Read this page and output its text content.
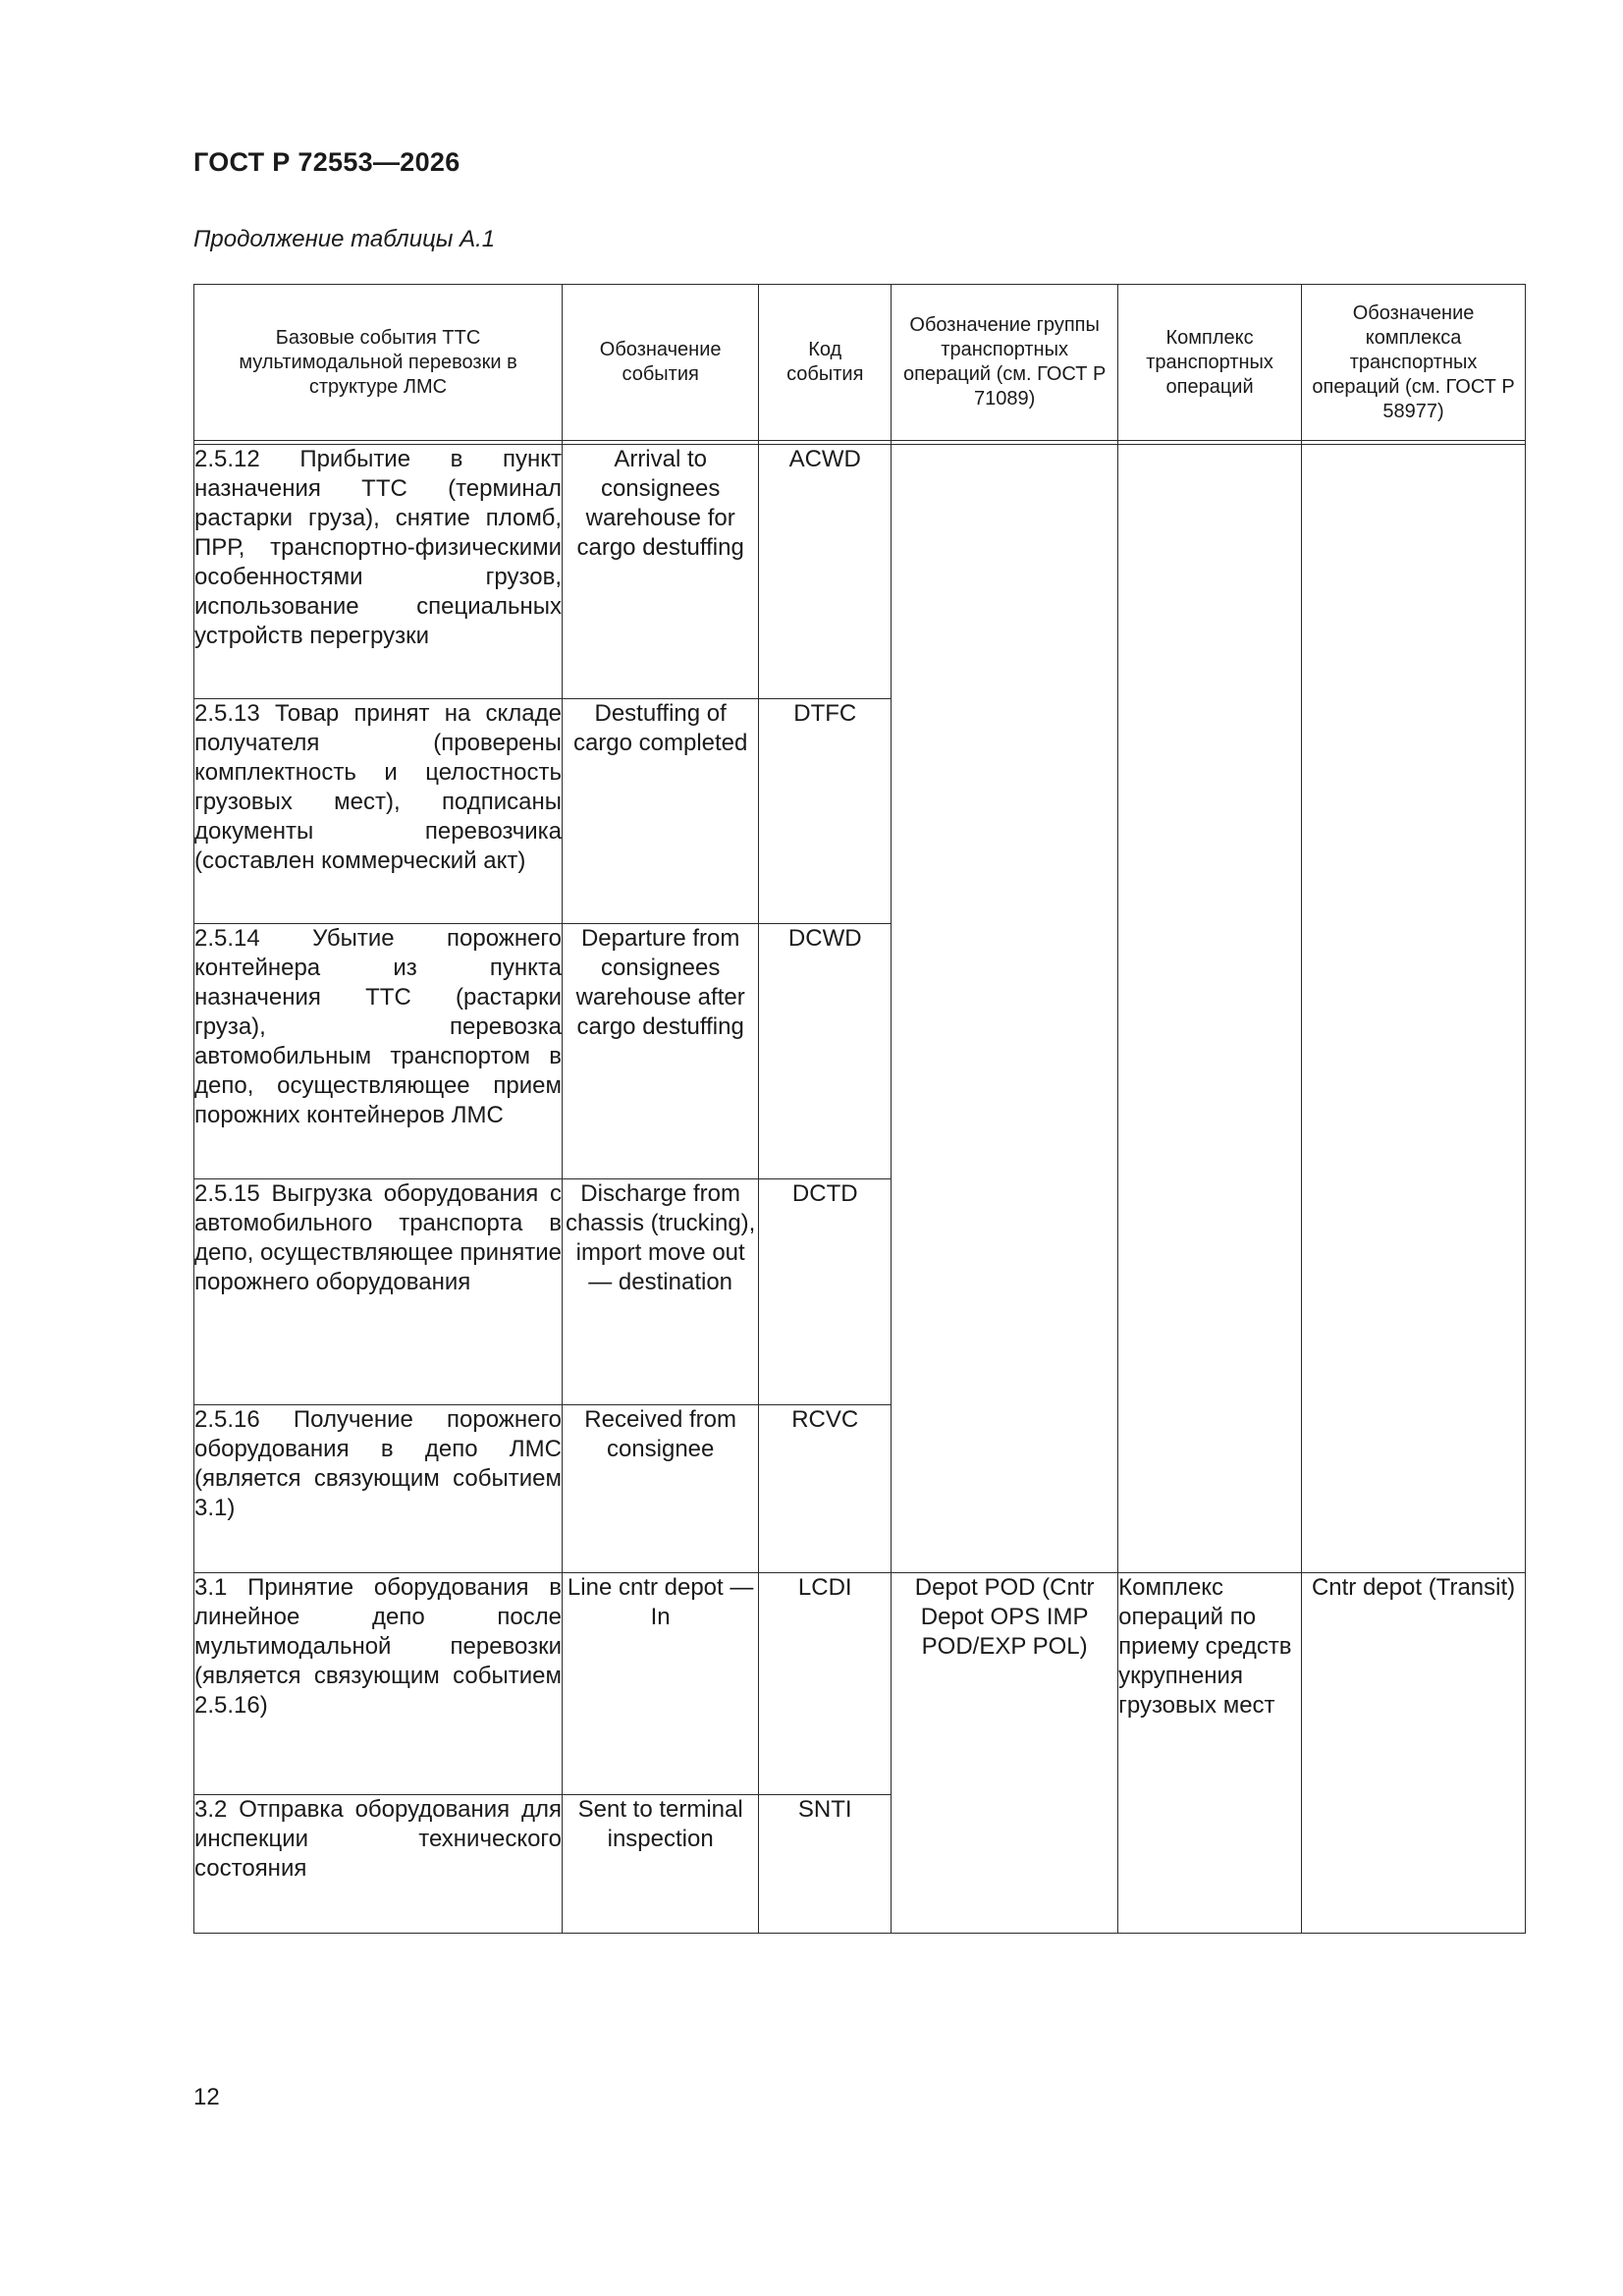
ГОСТ Р 72553—2026
Продолжение таблицы А.1
Базовые события ТТС мультимодальной перевозки в структуре ЛМС	Обозначение события	Код события	Обозначение группы транспортных операций (см. ГОСТ Р 71089)	Комплекс транспортных операций	Обозначение комплекса транспортных операций (см. ГОСТ Р 58977)

2.5.12 Прибытие в пункт назначения ТТС (терминал растарки груза), снятие пломб, ПРР, транспортно-физическими особенностями грузов, использование специальных устройств перегрузки	Arrival to consignees warehouse for cargo destuffing	ACWD			
2.5.13 Товар принят на складе получателя (проверены комплектность и целостность грузовых мест), подписаны документы перевозчика (составлен коммерческий акт)	Destuffing of cargo completed	DTFC			
2.5.14 Убытие порожнего контейнера из пункта назначения ТТС (растарки груза), перевозка автомобильным транспортом в депо, осуществляющее прием порожних контейнеров ЛМС	Departure from consignees warehouse after cargo destuffing	DCWD			
2.5.15 Выгрузка оборудования с автомобильного транспорта в депо, осуществляющее принятие порожнего оборудования	Discharge from chassis (trucking), import move out — destination	DCTD			
2.5.16 Получение порожнего оборудования в депо ЛМС (является связующим событием 3.1)	Received from consignee	RCVC			
3.1 Принятие оборудования в линейное депо после мультимодальной перевозки (является связующим событием 2.5.16)	Line cntr depot — In	LCDI	Depot POD (Cntr Depot OPS IMP POD/EXP POL)	Комплекс операций по приему средств укрупнения грузовых мест	Cntr depot (Transit)
3.2 Отправка оборудования для инспекции технического состояния	Sent to terminal inspection	SNTI			
12
